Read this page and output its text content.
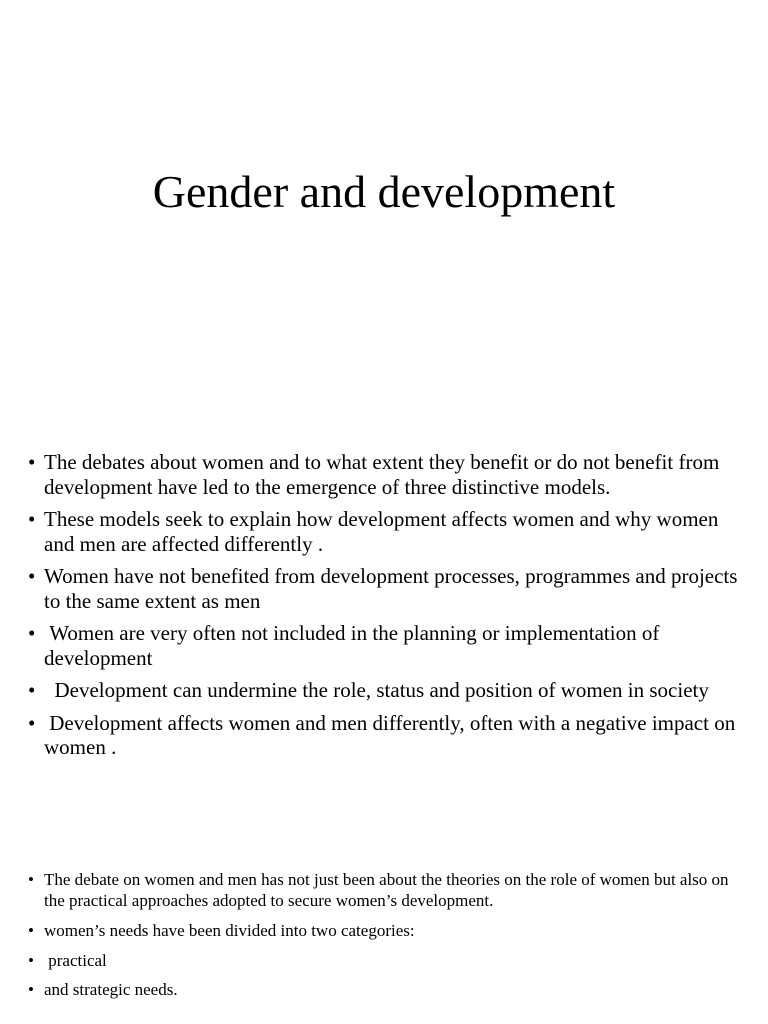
Gender and development
• The debates about women and to what extent they benefit or do not benefit from development have led to the emergence of three distinctive models.
• These models seek to explain how development affects women and why women and men are affected differently .
• Women have not benefited from development processes, programmes and projects to the same extent as men
• Women are very often not included in the planning or implementation of development
• Development can undermine the role, status and position of women in society
• Development affects women and men differently, often with a negative impact on women .
• The debate on women and men has not just been about the theories on the role of women but also on the practical approaches adopted to secure women’s development.
• women’s needs have been divided into two categories:
• practical
• and strategic needs.
